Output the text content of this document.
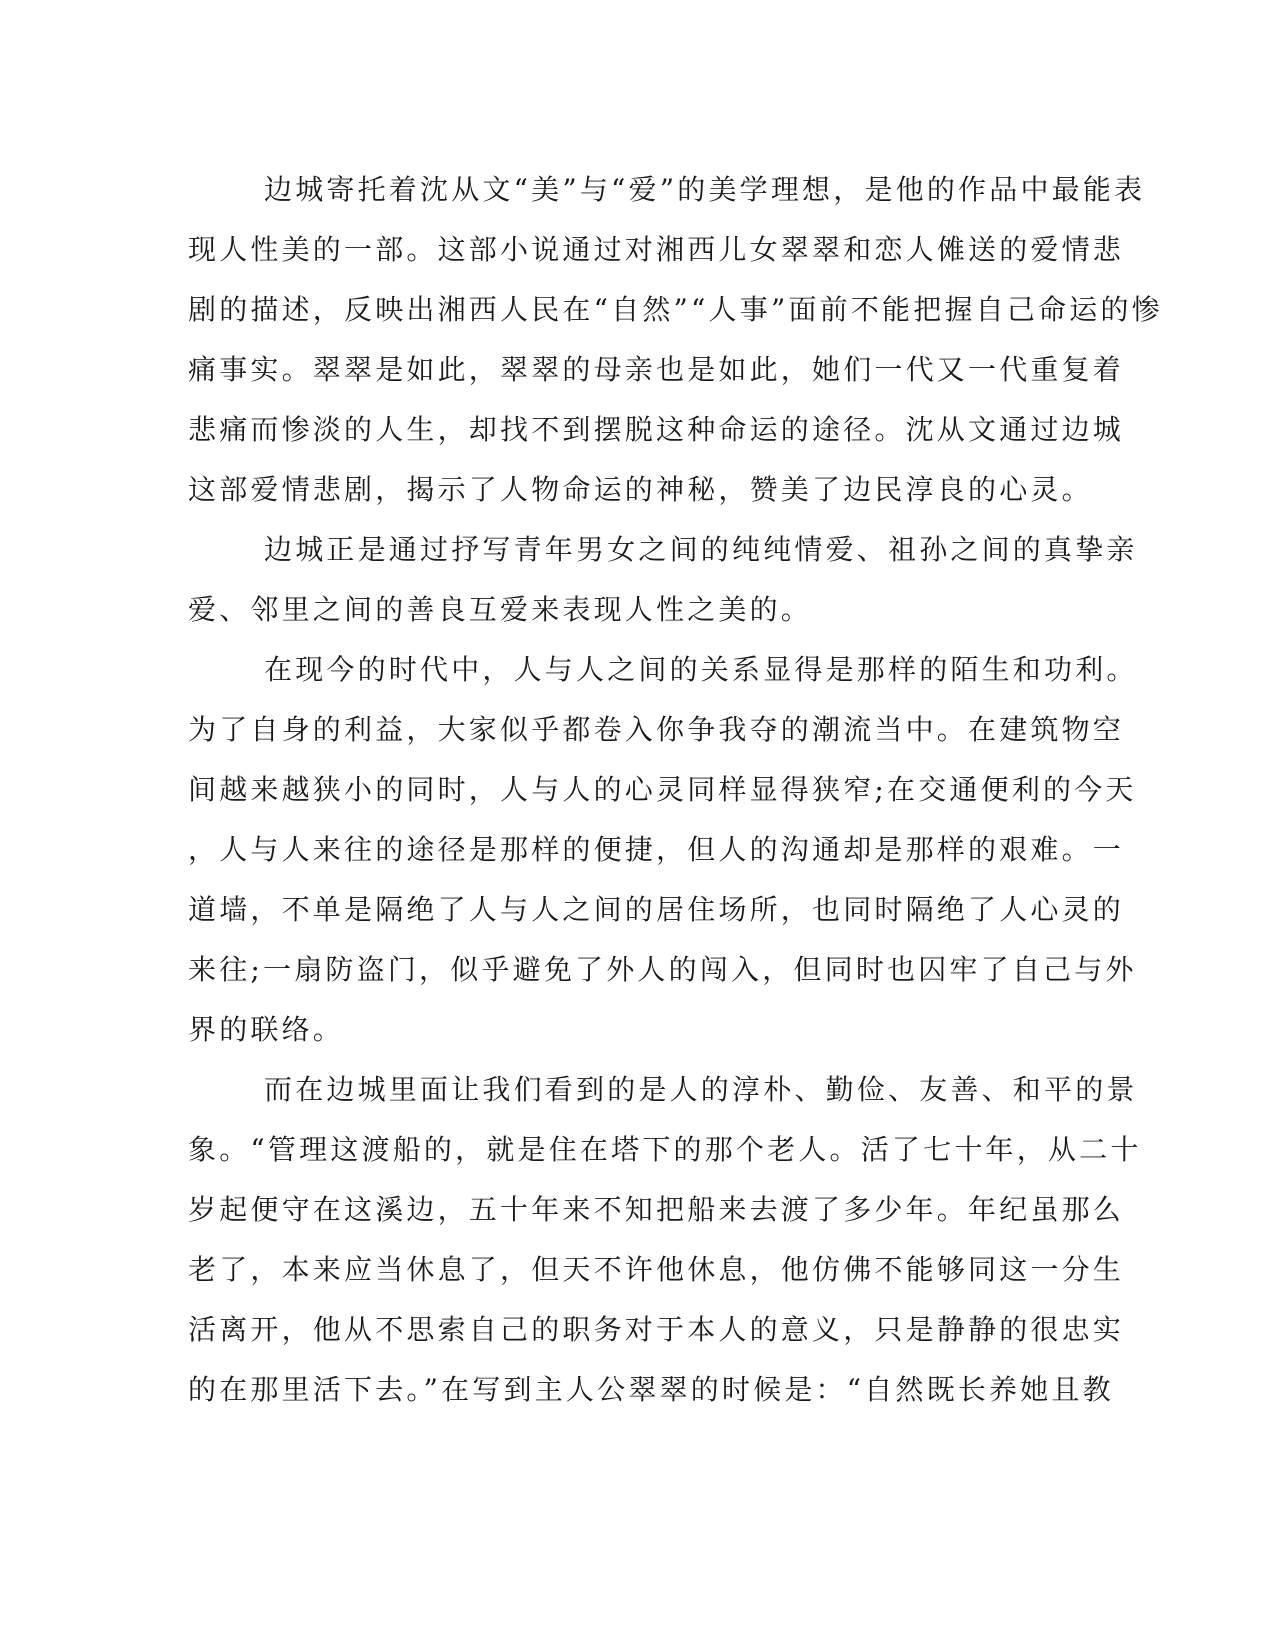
边城寄托着沈从文“美”与“爱”的美学理想，是他的作品中最能表
现人性美的一部。这部小说通过对湘西儿女翠翠和恋人傩送的爱情悲
剧的描述，反映出湘西人民在“自然”“人事”面前不能把握自己命运的惨
痛事实。翠翠是如此，翠翠的母亲也是如此，她们一代又一代重复着
悲痛而惨淡的人生，却找不到摆脱这种命运的途径。沈从文通过边城
这部爱情悲剧，揭示了人物命运的神秘，赞美了边民淳良的心灵。
边城正是通过抒写青年男女之间的纯纯情爱、祖孙之间的真挚亲
爱、邻里之间的善良互爱来表现人性之美的。
在现今的时代中，人与人之间的关系显得是那样的陌生和功利。
为了自身的利益，大家似乎都卷入你争我夺的潮流当中。在建筑物空
间越来越狭小的同时，人与人的心灵同样显得狭窄;在交通便利的今天
，人与人来往的途径是那样的便捷，但人的沟通却是那样的艰难。一
道墙，不单是隔绝了人与人之间的居住场所，也同时隔绝了人心灵的
来往;一扇防盗门，似乎避免了外人的闯入，但同时也囚牢了自己与外
界的联络。
而在边城里面让我们看到的是人的淳朴、勤俭、友善、和平的景
象。“管理这渡船的，就是住在塔下的那个老人。活了七十年，从二十
岁起便守在这溪边，五十年来不知把船来去渡了多少年。年纪虽那么
老了，本来应当休息了，但天不许他休息，他仿佛不能够同这一分生
活离开，他从不思索自己的职务对于本人的意义，只是静静的很忠实
的在那里活下去。”在写到主人公翠翠的时候是：“自然既长养她且教
